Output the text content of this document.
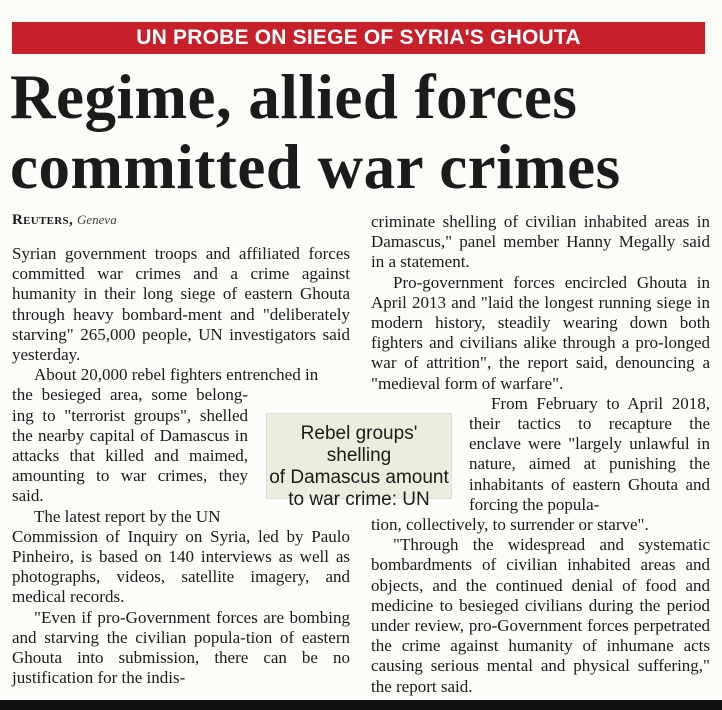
UN PROBE ON SIEGE OF SYRIA'S GHOUTA
Regime, allied forces
committed war crimes
Reuters, Geneva

Syrian government troops and affiliated forces committed war crimes and a crime against humanity in their long siege of eastern Ghouta through heavy bombard-ment and "deliberately starving" 265,000 people, UN investigators said yesterday.

About 20,000 rebel fighters entrenched in

the besieged area, some belong-ing to "terrorist groups", shelled the nearby capital of Damascus in attacks that killed and maimed, amounting to war crimes, they said.

The latest report by the UN

Commission of Inquiry on Syria, led by Paulo Pinheiro, is based on 140 interviews as well as photographs, videos, satellite imagery, and medical records.

"Even if pro-Government forces are bombing and starving the civilian popula-tion of eastern Ghouta into submission, there can be no justification for the indis-

Rebel groups' shelling
of Damascus amount
to war crime: UN

criminate shelling of civilian inhabited areas in Damascus," panel member Hanny Megally said in a statement.

Pro-government forces encircled Ghouta in April 2013 and "laid the longest running siege in modern history, steadily wearing down both fighters and civilians alike through a pro-longed war of attrition", the report said, denouncing a "medieval form of warfare".

From February to April 2018, their tactics to recapture the enclave were "largely unlawful in nature, aimed at punishing the inhabitants of eastern Ghouta and forcing the popula-

tion, collectively, to surrender or starve".

"Through the widespread and systematic bombardments of civilian inhabited areas and objects, and the continued denial of food and medicine to besieged civilians during the period under review, pro-Government forces perpetrated the crime against humanity of inhumane acts causing serious mental and physical suffering," the report said.
